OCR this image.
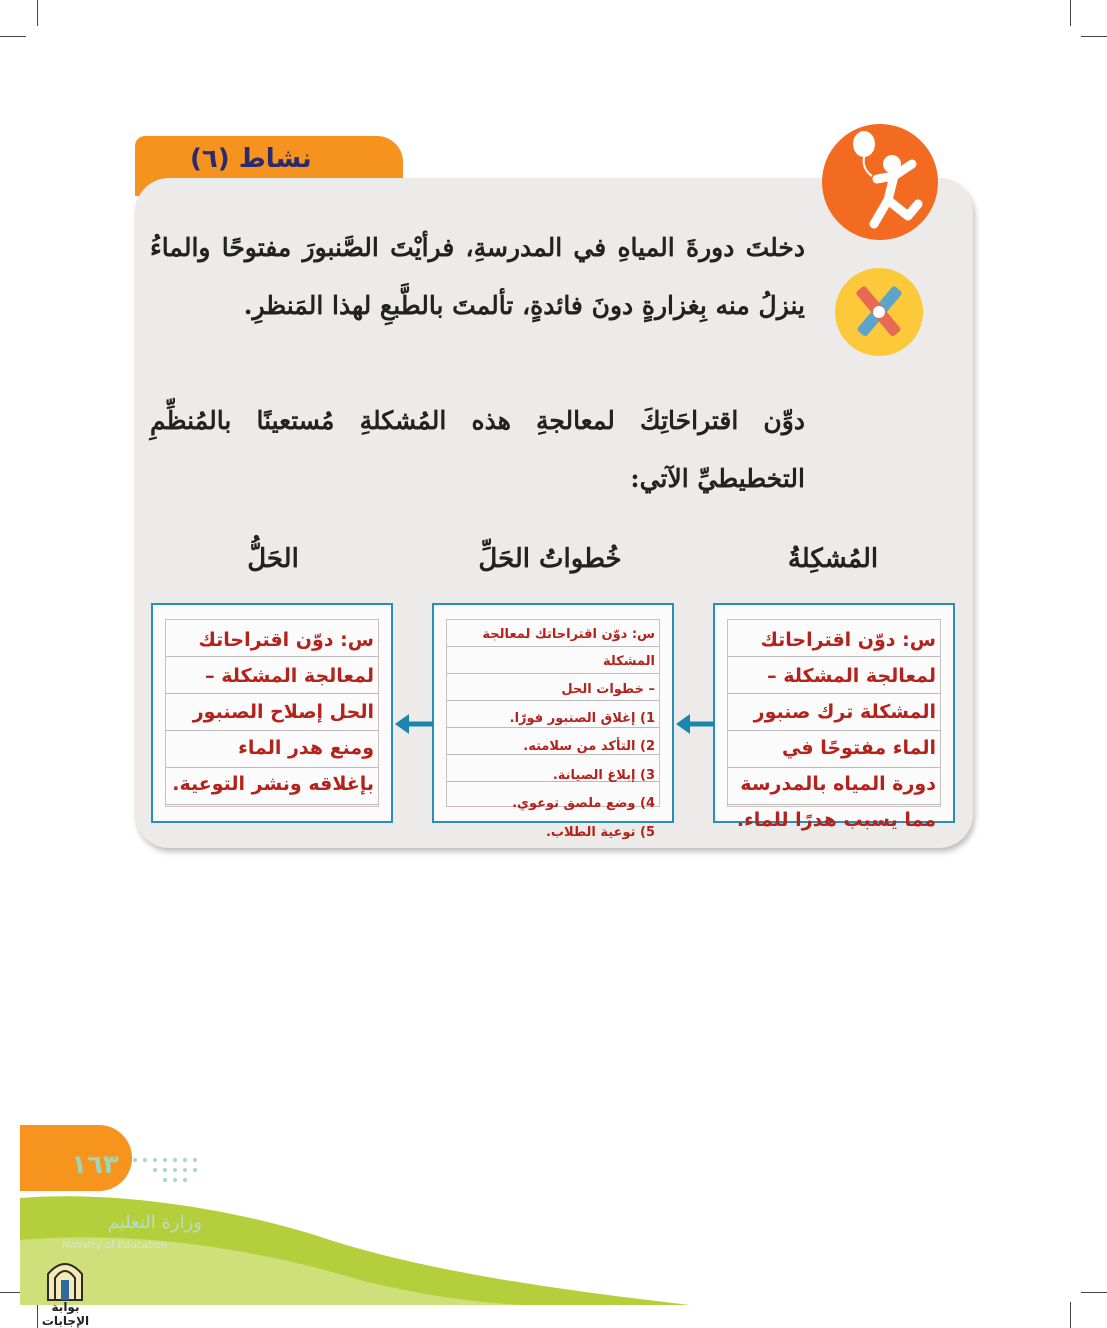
نشاط (٦)
دخلتَ دورةَ المياهِ في المدرسةِ، فرأيْتَ الصَّنبورَ مفتوحًا والماءُ ينزلُ منه بِغزارةٍ دونَ فائدةٍ، تألمتَ بالطَّبعِ لهذا المَنظرِ.
دوِّن اقتراحَاتِكَ لمعالجةِ هذه المُشكلةِ مُستعينًا بالمُنظِّمِ التخطيطيِّ الآتي:
المُشكِلةُ
خُطواتُ الحَلِّ
الحَلُّ

س: دوّن اقتراحاتك لمعالجة المشكلة – المشكلة ترك صنبور الماء مفتوحًا في دورة المياه بالمدرسة مما يسبب هدرًا للماء.

س: دوّن اقتراحاتك لمعالجة المشكلة
– خطوات الحل
1) إغلاق الصنبور فورًا.
2) التأكد من سلامته.
3) إبلاغ الصيانة.
4) وضع ملصق توعوي.
5) توعية الطلاب.

س: دوّن اقتراحاتك لمعالجة المشكلة – الحل إصلاح الصنبور ومنع هدر الماء بإغلاقه ونشر التوعية.

١٦٣
وزارة التعليم
Ministry of Education
بوابة الإجابات
